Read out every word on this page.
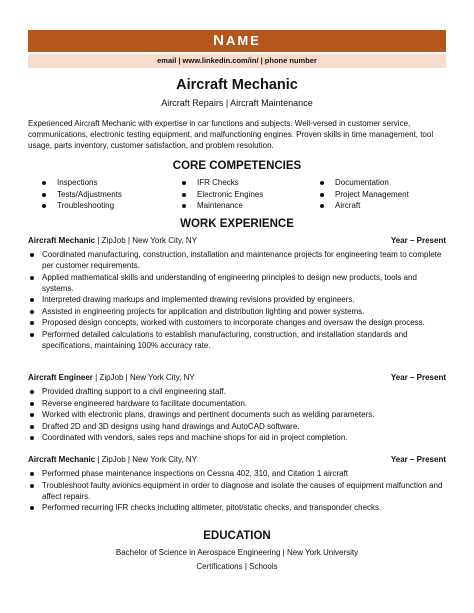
NAME
email | www.linkedin.com/in/ | phone number
Aircraft Mechanic
Aircraft Repairs | Aircraft Maintenance
Experienced Aircraft Mechanic with expertise in car functions and subjects. Well-versed in customer service, communications, electronic testing equipment, and malfunctioning engines. Proven skills in time management, tool usage, parts inventory, customer satisfaction, and problem resolution.
CORE COMPETENCIES
Inspections
Tests/Adjustments
Troubleshooting
IFR Checks
Electronic Engines
Maintenance
Documentation
Project Management
Aircraft
WORK EXPERIENCE
Aircraft Mechanic | ZipJob | New York City, NY	Year – Present
Coordinated manufacturing, construction, installation and maintenance projects for engineering team to complete per customer requirements.
Applied mathematical skills and understanding of engineering principles to design new products, tools and systems.
Interpreted drawing markups and implemented drawing revisions provided by engineers.
Assisted in engineering projects for application and distribution lighting and power systems.
Proposed design concepts, worked with customers to incorporate changes and oversaw the design process.
Performed detailed calculations to establish manufacturing, construction, and installation standards and specifications, maintaining 100% accuracy rate.
Aircraft Engineer | ZipJob | New York City, NY	Year – Present
Provided drafting support to a civil engineering staff.
Reverse engineered hardware to facilitate documentation.
Worked with electronic plans, drawings and pertinent documents such as welding parameters.
Drafted 2D and 3D designs using hand drawings and AutoCAD software.
Coordinated with vendors, sales reps and machine shops for aid in project completion.
Aircraft Mechanic | ZipJob | New York City, NY	Year – Present
Performed phase maintenance inspections on Cessna 402, 310, and Citation 1 aircraft
Troubleshoot faulty avionics equipment in order to diagnose and isolate the causes of equipment malfunction and affect repairs.
Performed recurring IFR checks including altimeter, pitot/static checks, and transponder checks.
EDUCATION
Bachelor of Science in Aerospace Engineering | New York University
Certifications | Schools
